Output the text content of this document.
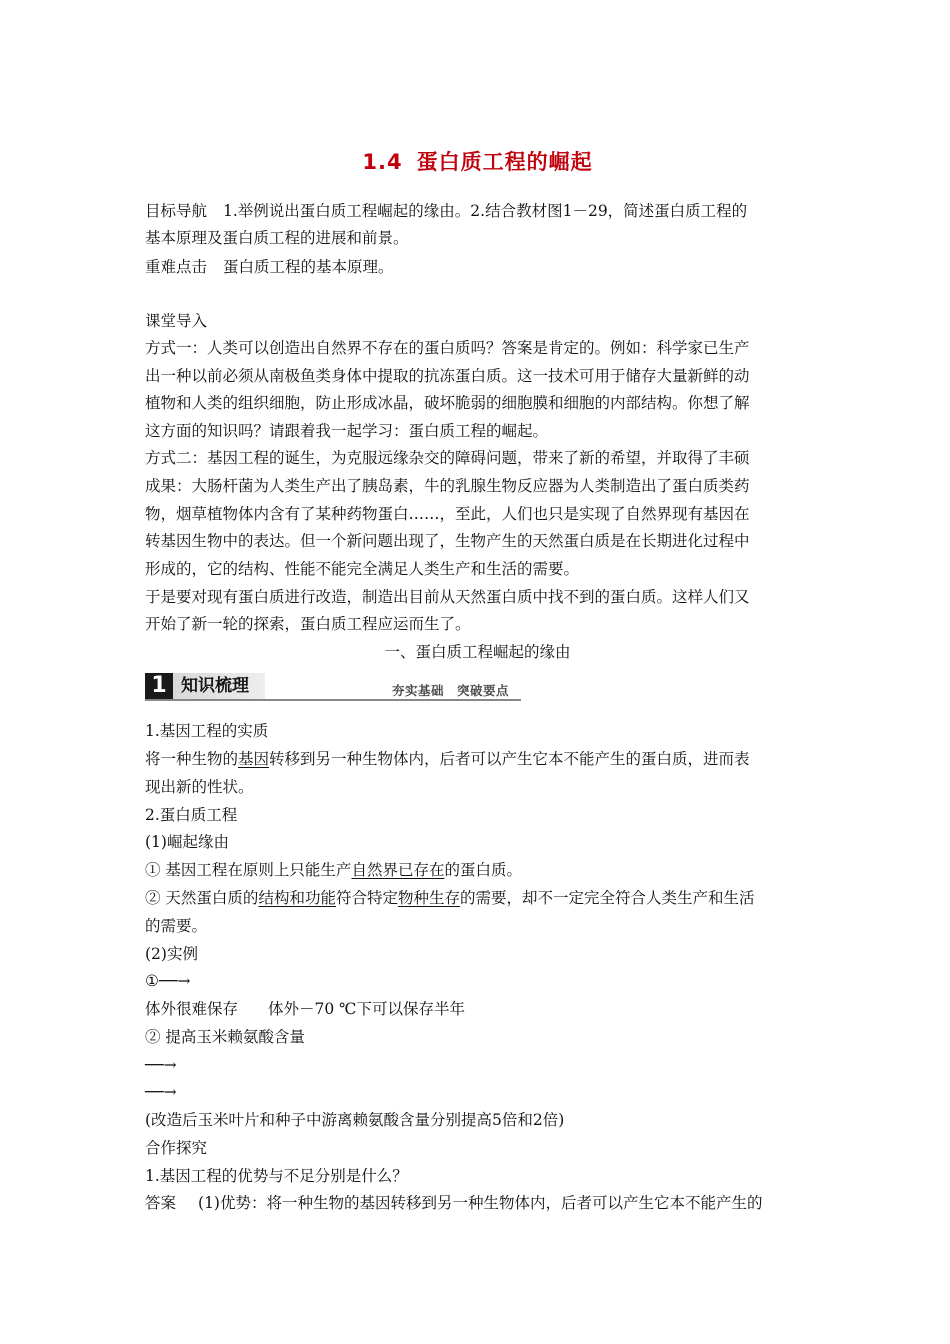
1.4 蛋白质工程的崛起
目标导航 1.举例说出蛋白质工程崛起的缘由。2.结合教材图1－29，简述蛋白质工程的
基本原理及蛋白质工程的进展和前景。
重难点击 蛋白质工程的基本原理。
课堂导入
方式一：人类可以创造出自然界不存在的蛋白质吗？答案是肯定的。例如：科学家已生产
出一种以前必须从南极鱼类身体中提取的抗冻蛋白质。这一技术可用于储存大量新鲜的动
植物和人类的组织细胞，防止形成冰晶，破坏脆弱的细胞膜和细胞的内部结构。你想了解
这方面的知识吗？请跟着我一起学习：蛋白质工程的崛起。
方式二：基因工程的诞生，为克服远缘杂交的障碍问题，带来了新的希望，并取得了丰硕
成果：大肠杆菌为人类生产出了胰岛素，牛的乳腺生物反应器为人类制造出了蛋白质类药
物，烟草植物体内含有了某种药物蛋白……，至此，人们也只是实现了自然界现有基因在
转基因生物中的表达。但一个新问题出现了，生物产生的天然蛋白质是在长期进化过程中
形成的，它的结构、性能不能完全满足人类生产和生活的需要。
于是要对现有蛋白质进行改造，制造出目前从天然蛋白质中找不到的蛋白质。这样人们又
开始了新一轮的探索，蛋白质工程应运而生了。
一、蛋白质工程崛起的缘由
1 知识梳理	夯实基础　突破要点
1.基因工程的实质
将一种生物的基因转移到另一种生物体内，后者可以产生它本不能产生的蛋白质，进而表
现出新的性状。
2.蛋白质工程
(1)崛起缘由
① 基因工程在原则上只能生产自然界已存在的蛋白质。
② 天然蛋白质的结构和功能符合特定物种生存的需要，却不一定完全符合人类生产和生活
的需要。
(2)实例
①──→
体外很难保存 体外－70 ℃下可以保存半年
② 提高玉米赖氨酸含量
──→
──→
(改造后玉米叶片和种子中游离赖氨酸含量分别提高5倍和2倍)
合作探究
1.基因工程的优势与不足分别是什么？
答案 (1)优势：将一种生物的基因转移到另一种生物体内，后者可以产生它本不能产生的
